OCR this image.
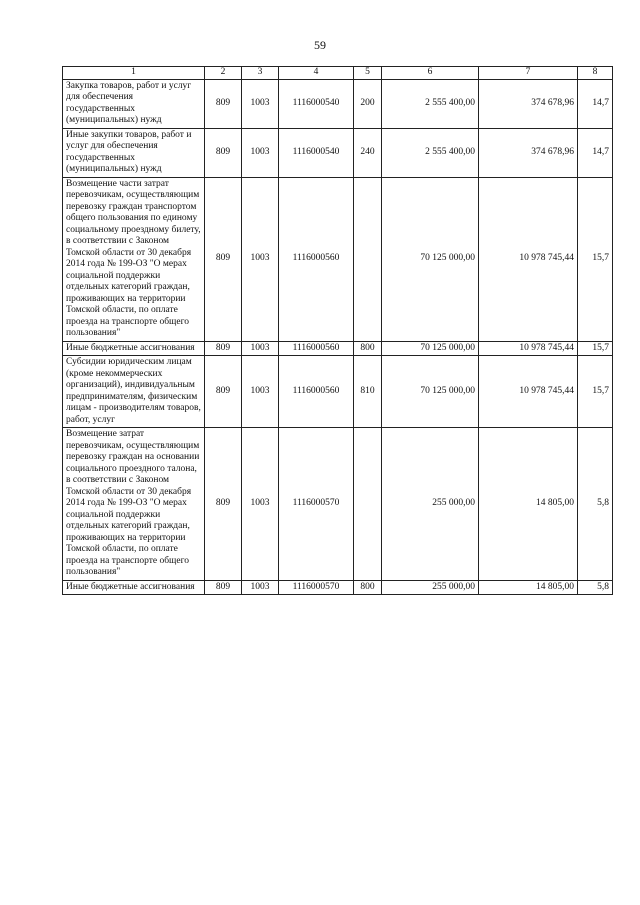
59
1	2	3	4	5	6	7	8
Закупка товаров, работ и услуг для обеспечения государственных (муниципальных) нужд	809	1003	1116000540	200	2 555 400,00	374 678,96	14,7
Иные закупки товаров, работ и услуг для обеспечения государственных (муниципальных) нужд	809	1003	1116000540	240	2 555 400,00	374 678,96	14,7
Возмещение части затрат перевозчикам, осуществляющим перевозку граждан транспортом общего пользования по единому социальному проездному билету, в соответствии с Законом Томской области от 30 декабря 2014 года № 199-ОЗ "О мерах социальной поддержки отдельных категорий граждан, проживающих на территории Томской области, по оплате проезда на транспорте общего пользования"	809	1003	1116000560		70 125 000,00	10 978 745,44	15,7
Иные бюджетные ассигнования	809	1003	1116000560	800	70 125 000,00	10 978 745,44	15,7
Субсидии юридическим лицам (кроме некоммерческих организаций), индивидуальным предпринимателям, физическим лицам - производителям товаров, работ, услуг	809	1003	1116000560	810	70 125 000,00	10 978 745,44	15,7
Возмещение затрат перевозчикам, осуществляющим перевозку граждан на основании социального проездного талона, в соответствии с Законом Томской области от 30 декабря 2014 года № 199-ОЗ "О мерах социальной поддержки отдельных категорий граждан, проживающих на территории Томской области, по оплате проезда на транспорте общего пользования"	809	1003	1116000570		255 000,00	14 805,00	5,8
Иные бюджетные ассигнования	809	1003	1116000570	800	255 000,00	14 805,00	5,8
